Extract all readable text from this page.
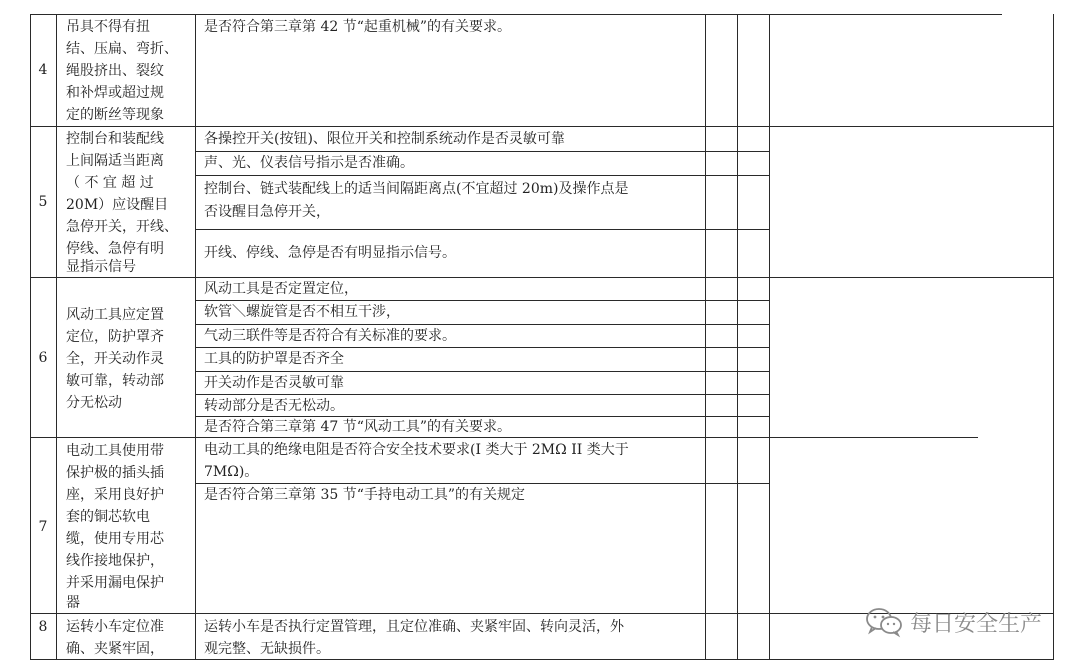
4
吊具不得有扭
结、压扁、弯折、
绳股挤出、裂纹
和补焊或超过规
定的断丝等现象
是否符合第三章第 42 节“起重机械”的有关要求。
5
控制台和装配线
上间隔适当距离
（ 不 宜 超 过
20M）应设醒目
急停开关，开线、
停线、急停有明
显指示信号
各操控开关(按钮)、限位开关和控制系统动作是否灵敏可靠
声、光、仪表信号指示是否准确。
控制台、链式装配线上的适当间隔距离点(不宜超过 20m)及操作点是
否设醒目急停开关，
开线、停线、急停是否有明显指示信号。
6
风动工具应定置
定位，防护罩齐
全，开关动作灵
敏可靠，转动部
分无松动
风动工具是否定置定位，
软管＼螺旋管是否不相互干涉，
气动三联件等是否符合有关标准的要求。
工具的防护罩是否齐全
开关动作是否灵敏可靠
转动部分是否无松动。
是否符合第三章第 47 节“风动工具”的有关要求。
7
电动工具使用带
保护极的插头插
座，采用良好护
套的铜芯软电
缆，使用专用芯
线作接地保护，
并采用漏电保护
器
电动工具的绝缘电阻是否符合安全技术要求(I 类大于 2MΩ II 类大于
7MΩ)。
是否符合第三章第 35 节“手持电动工具”的有关规定
8	运转小车定位准
确、夹紧牢固，
运转小车是否执行定置管理，且定位准确、夹紧牢固、转向灵活，外
观完整、无缺损件。
每日安全生产
